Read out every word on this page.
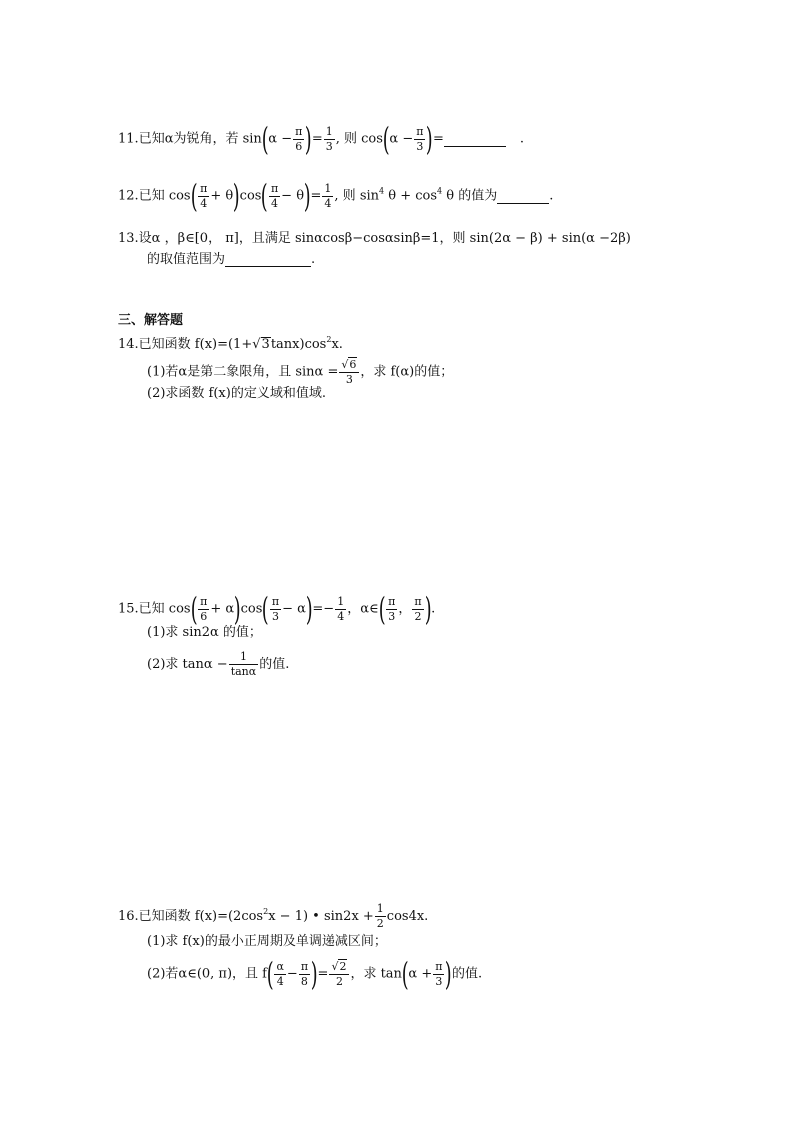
11.已知α为锐角，若 $\sin(\alpha - \frac{\pi}{6}$ )= $\frac{1}{3}$ , 则 $\cos(\alpha - \frac{\pi}{3}$ )=	.
12.已知 $\cos( \frac{\pi}{4} + \theta)\cos( \frac{\pi}{4} - \theta)= \frac{1}{4}$ , 则 $\sin^4 \theta + \cos^4 \theta$ 的值为	.
13.设α ，β∈[0， π]，且满足 sinαcosβ−cosαsinβ=1，则 sin(2α − β) + sin(α −2β)
的取值范围为	.
三、解答题
14.已知函数 $f(x)=(1+√3\tan x)\cos^2x$.
(1)若α是第二象限角，且 $\sin\alpha = \frac{√6}{3}$ ，求 f(α)的值；
(2)求函数 f(x)的定义域和值域.
15.已知 $\cos( \frac{\pi}{6} + \alpha)\cos( \frac{\pi}{3} - \alpha)=- \frac{1}{4}$ ，α∈( $\frac{\pi}{3}$ ， $\frac{\pi}{2}$ ).
(1)求 sin2α 的值；
(2)求 $\tan\alpha - \frac{1}{\tan\alpha}$ 的值.
16.已知函数 $f(x)=(2\cos^2x - 1)$ • $\sin 2x + \frac{1}{2} \cos 4x$.
(1)求 f(x)的最小正周期及单调递减区间；
(2)若α∈(0, π)，且 $f( \frac{\alpha}{4} - \frac{\pi}{8}$ )= $\frac{√2}{2}$ ，求 $\tan(\alpha + \frac{\pi}{3}$ )的值.
